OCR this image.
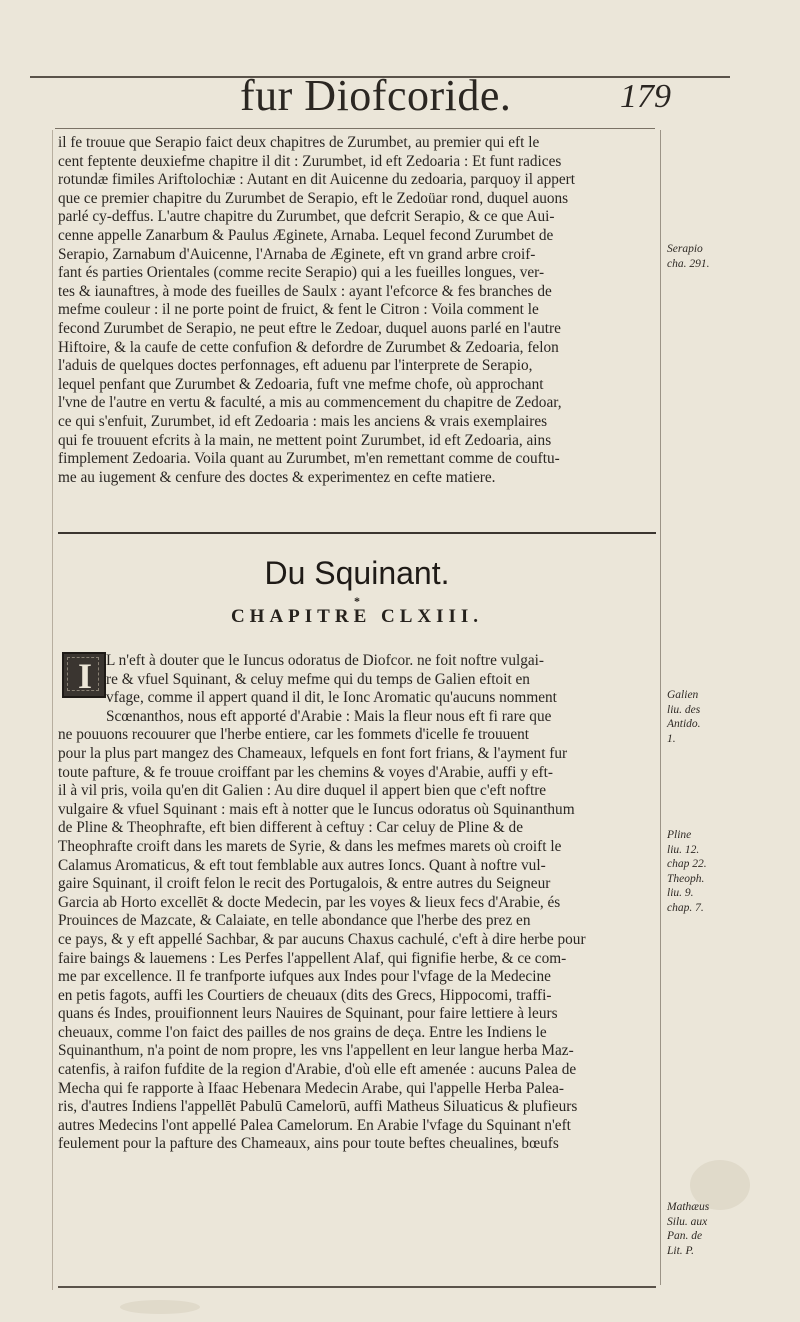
fur Diofcoride.	179

il fe trouue que Serapio faict deux chapitres de Zurumbet, au premier qui eft le
cent feptente deuxiefme chapitre il dit : Zurumbet, id eft Zedoaria : Et funt radices
rotundæ fimiles Ariftolochiæ : Autant en dit Auicenne du zedoaria, parquoy il appert
que ce premier chapitre du Zurumbet de Serapio, eft le Zedoüar rond, duquel auons
parlé cy-deffus. L'autre chapitre du Zurumbet, que defcrit Serapio, & ce que Aui-
cenne appelle Zanarbum & Paulus Æginete, Arnaba. Lequel fecond Zurumbet de
Serapio, Zarnabum d'Auicenne, l'Arnaba de Æginete, eft vn grand arbre croif-
fant és parties Orientales (comme recite Serapio) qui a les fueilles longues, ver-
tes & iaunaftres, à mode des fueilles de Saulx : ayant l'efcorce & fes branches de
mefme couleur : il ne porte point de fruict, & fent le Citron : Voila comment le
fecond Zurumbet de Serapio, ne peut eftre le Zedoar, duquel auons parlé en l'autre
Hiftoire, & la caufe de cette confufion & defordre de Zurumbet & Zedoaria, felon
l'aduis de quelques doctes perfonnages, eft aduenu par l'interprete de Serapio,
lequel penfant que Zurumbet & Zedoaria, fuft vne mefme chofe, où approchant
l'vne de l'autre en vertu & faculté, a mis au commencement du chapitre de Zedoar,
ce qui s'enfuit, Zurumbet, id eft Zedoaria : mais les anciens & vrais exemplaires
qui fe trouuent efcrits à la main, ne mettent point Zurumbet, id eft Zedoaria, ains
fimplement Zedoaria. Voila quant au Zurumbet, m'en remettant comme de couftu-
me au iugement & cenfure des doctes & experimentez en cefte matiere.

Du Squinant.
*
CHAPITRE CLXIII.
I L n'eft à douter que le Iuncus odoratus de Diofcor. ne foit noftre vulgai-
re & vfuel Squinant, & celuy mefme qui du temps de Galien eftoit en
vfage, comme il appert quand il dit, le Ionc Aromatic qu'aucuns nomment
Scœnanthos, nous eft apporté d'Arabie : Mais la fleur nous eft fi rare que
ne pouuons recouurer que l'herbe entiere, car les fommets d'icelle fe trouuent
pour la plus part mangez des Chameaux, lefquels en font fort frians, & l'ayment fur
toute pafture, & fe trouue croiffant par les chemins & voyes d'Arabie, auffi y eft-
il à vil pris, voila qu'en dit Galien : Au dire duquel il appert bien que c'eft noftre
vulgaire & vfuel Squinant : mais eft à notter que le Iuncus odoratus où Squinanthum
de Pline & Theophrafte, eft bien different à ceftuy : Car celuy de Pline & de
Theophrafte croift dans les marets de Syrie, & dans les mefmes marets où croift le
Calamus Aromaticus, & eft tout femblable aux autres Ioncs. Quant à noftre vul-
gaire Squinant, il croift felon le recit des Portugalois, & entre autres du Seigneur
Garcia ab Horto excellēt & docte Medecin, par les voyes & lieux fecs d'Arabie, és
Prouinces de Mazcate, & Calaiate, en telle abondance que l'herbe des prez en
ce pays, & y eft appellé Sachbar, & par aucuns Chaxus cachulé, c'eft à dire herbe pour
faire baings & lauemens : Les Perfes l'appellent Alaf, qui fignifie herbe, & ce com-
me par excellence. Il fe tranfporte iufques aux Indes pour l'vfage de la Medecine
en petis fagots, auffi les Courtiers de cheuaux (dits des Grecs, Hippocomi, traffi-
quans és Indes, prouifionnent leurs Nauires de Squinant, pour faire lettiere à leurs
cheuaux, comme l'on faict des pailles de nos grains de deça. Entre les Indiens le
Squinanthum, n'a point de nom propre, les vns l'appellent en leur langue herba Maz-
catenfis, à raifon fufdite de la region d'Arabie, d'où elle eft amenée : aucuns Palea de
Mecha qui fe rapporte à Ifaac Hebenara Medecin Arabe, qui l'appelle Herba Palea-
ris, d'autres Indiens l'appellēt Pabulū Camelorū, auffi Matheus Siluaticus & plufieurs
autres Medecins l'ont appellé Palea Camelorum. En Arabie l'vfage du Squinant n'eft
feulement pour la pafture des Chameaux, ains pour toute beftes cheualines, bœufs

Serapio
cha. 291.
Galien
liu. des
Antido.
1.
Pline
liu. 12.
chap 22.
Theoph.
liu. 9.
chap. 7.
Mathæus
Silu. aux
Pan. de
Lit. P.
